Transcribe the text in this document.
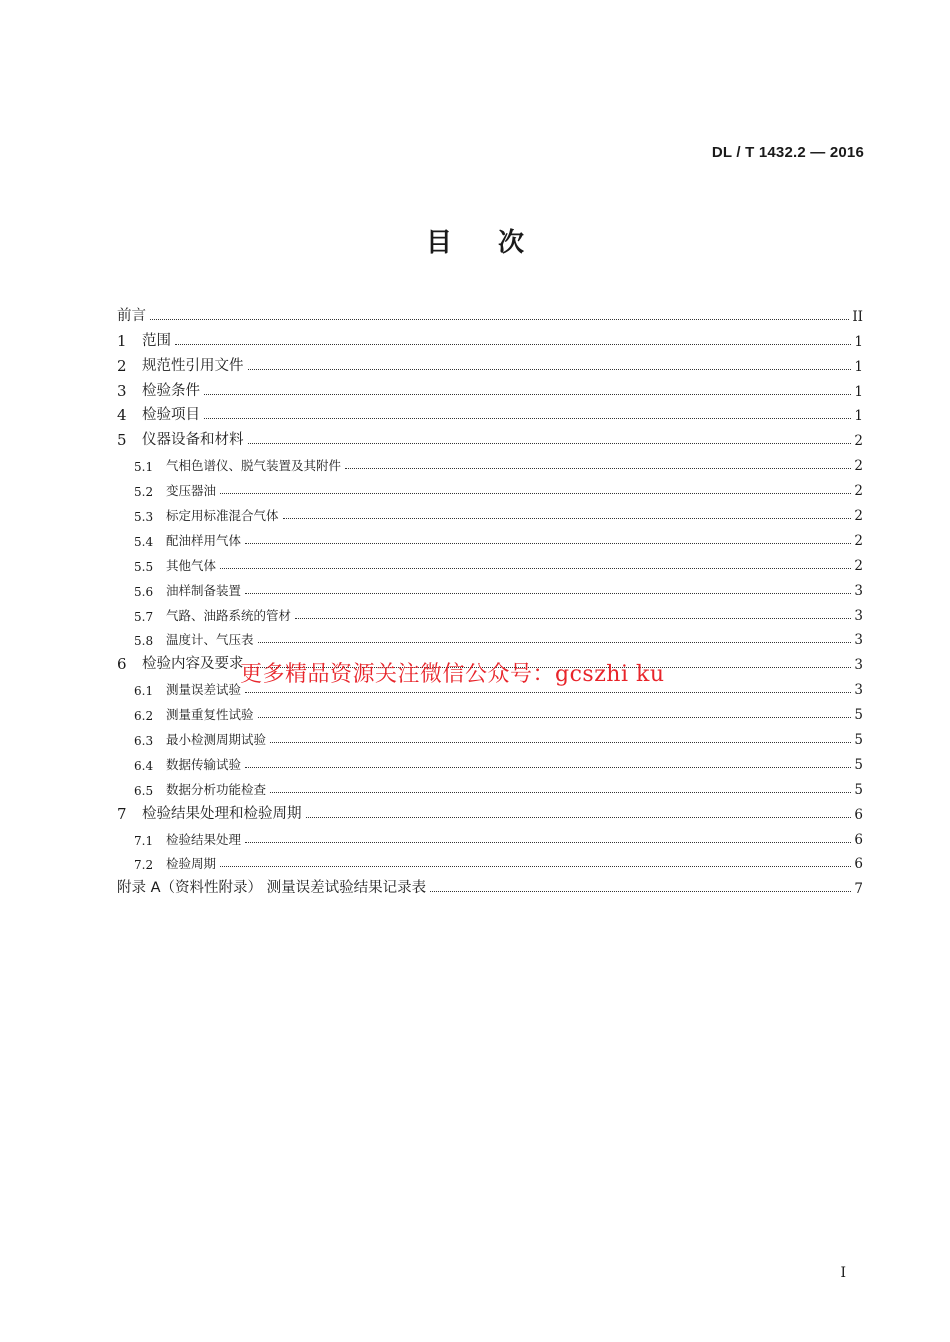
DL / T 1432.2 — 2016
目次
前言	II
1	范围	1
2	规范性引用文件	1
3	检验条件	1
4	检验项目	1
5	仪器设备和材料	2
5.1	气相色谱仪、脱气装置及其附件	2
5.2	变压器油	2
5.3	标定用标准混合气体	2
5.4	配油样用气体	2
5.5	其他气体	2
5.6	油样制备装置	3
5.7	气路、油路系统的管材	3
5.8	温度计、气压表	3
6	检验内容及要求	3
6.1	测量误差试验	3
6.2	测量重复性试验	5
6.3	最小检测周期试验	5
6.4	数据传输试验	5
6.5	数据分析功能检查	5
7	检验结果处理和检验周期	6
7.1	检验结果处理	6
7.2	检验周期	6
附录 A（资料性附录） 测量误差试验结果记录表	7
更多精品资源关注微信公众号：gcszhi ku
I
